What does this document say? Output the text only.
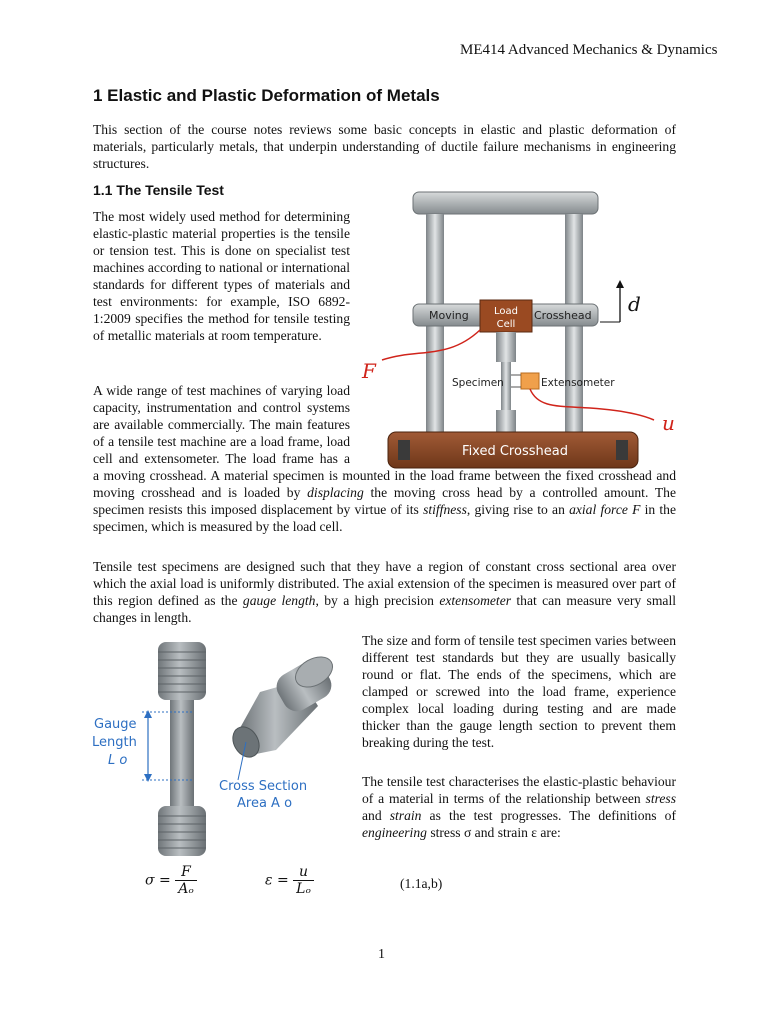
ME414 Advanced Mechanics & Dynamics
1 Elastic and Plastic Deformation of Metals

This section of the course notes reviews some basic concepts in elastic and plastic deformation of materials, particularly metals, that underpin understanding of ductile failure mechanisms in engineering structures.

1.1 The Tensile Test

The most widely used method for determining elastic-plastic material properties is the tensile or tension test. This is done on specialist test machines according to national or international standards for different types of materials and test environments: for example, ISO 6892-1:2009 specifies the method for tensile testing of metallic materials at room temperature.

A wide range of test machines of varying load capacity, instrumentation and control systems are available commercially. The main features of a tensile test machine are a load frame, load cell and extensometer. The load frame has a

a moving crosshead. A material specimen is mounted in the load frame between the fixed crosshead and moving crosshead and is loaded by displacing the moving cross head by a controlled amount. The specimen resists this imposed displacement by virtue of its stiffness, giving rise to an axial force F in the specimen, which is measured by the load cell.

Tensile test specimens are designed such that they have a region of constant cross sectional area over which the axial load is uniformly distributed. The axial extension of the specimen is measured over part of this region defined as the gauge length, by a high precision extensometer that can measure very small changes in length.

The size and form of tensile test specimen varies between different test standards but they are usually basically round or flat. The ends of the specimens, which are clamped or screwed into the load frame, experience complex local loading during testing and are made thicker than the gauge length section to prevent them breaking during the test.

The tensile test characterises the elastic-plastic behaviour of a material in terms of the relationship between stress and strain as the test progresses. The definitions of engineering stress σ and strain ε are:

Load
Cell
Moving	Crosshead
Specimen	Extensometer
Fixed Crosshead
d
F
u
Gauge
Length
L o
Cross Section
Area A o
$\sigma = \frac{F}{\text{Aₒ}}$	$\varepsilon = \frac{u}{\text{Lₒ}}$	(1.1a,b)
1
